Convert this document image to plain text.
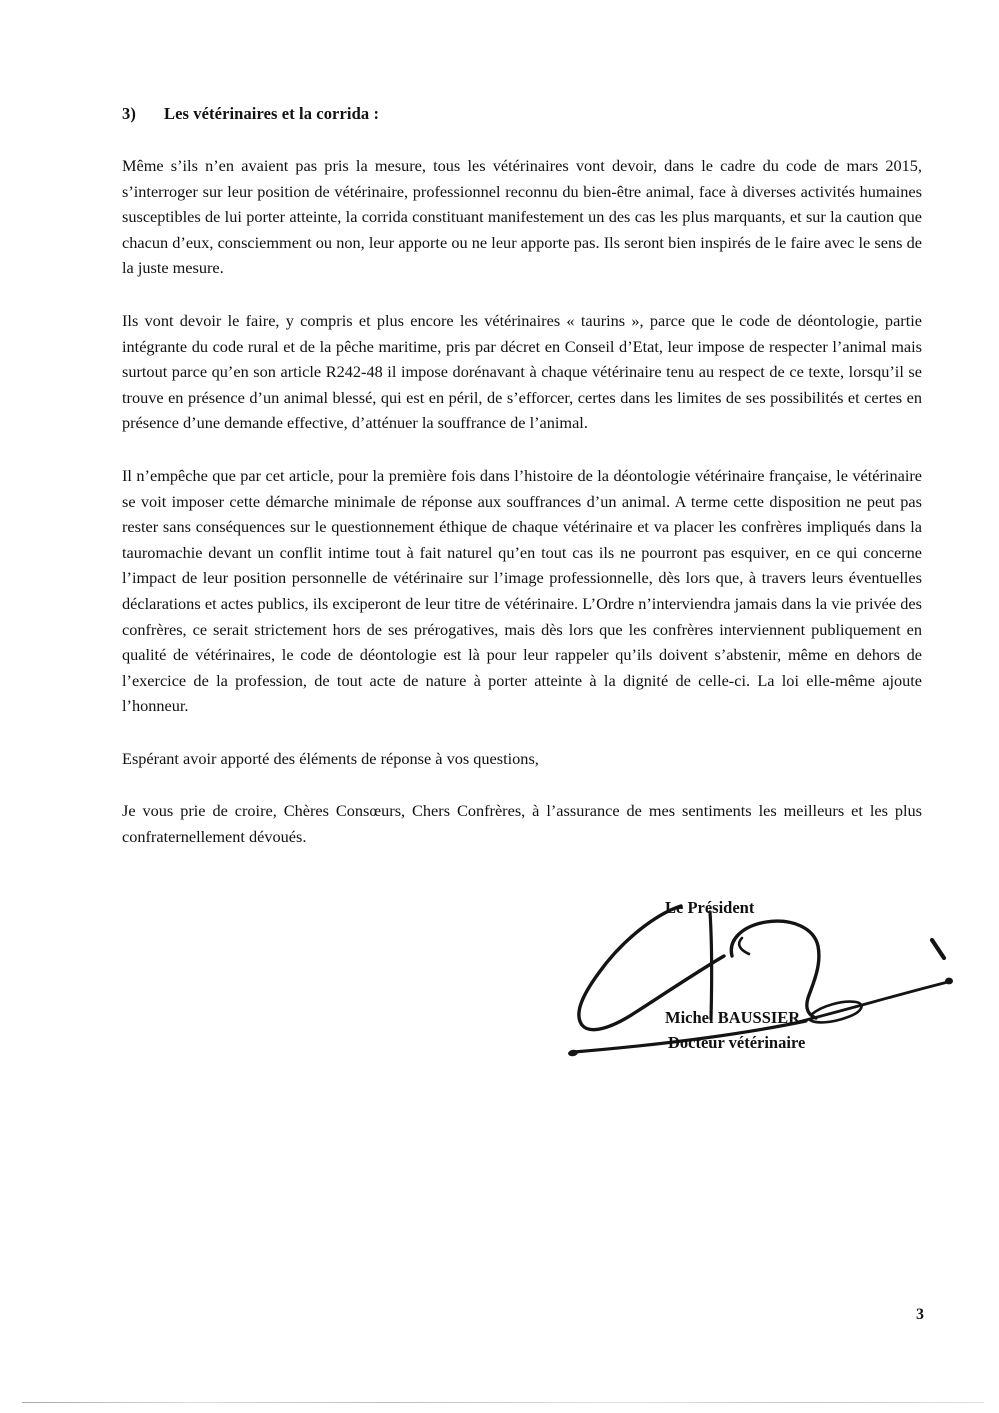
3) Les vétérinaires et la corrida :

Même s’ils n’en avaient pas pris la mesure, tous les vétérinaires vont devoir, dans le cadre du code de mars 2015, s’interroger sur leur position de vétérinaire, professionnel reconnu du bien-être animal, face à diverses activités humaines susceptibles de lui porter atteinte, la corrida constituant manifestement un des cas les plus marquants, et sur la caution que chacun d’eux, consciemment ou non, leur apporte ou ne leur apporte pas. Ils seront bien inspirés de le faire avec le sens de la juste mesure.

Ils vont devoir le faire, y compris et plus encore les vétérinaires « taurins », parce que le code de déontologie, partie intégrante du code rural et de la pêche maritime, pris par décret en Conseil d’Etat, leur impose de respecter l’animal mais surtout parce qu’en son article R242-48 il impose dorénavant à chaque vétérinaire tenu au respect de ce texte, lorsqu’il se trouve en présence d’un animal blessé, qui est en péril, de s’efforcer, certes dans les limites de ses possibilités et certes en présence d’une demande effective, d’atténuer la souffrance de l’animal.

Il n’empêche que par cet article, pour la première fois dans l’histoire de la déontologie vétérinaire française, le vétérinaire se voit imposer cette démarche minimale de réponse aux souffrances d’un animal. A terme cette disposition ne peut pas rester sans conséquences sur le questionnement éthique de chaque vétérinaire et va placer les confrères impliqués dans la tauromachie devant un conflit intime tout à fait naturel qu’en tout cas ils ne pourront pas esquiver, en ce qui concerne l’impact de leur position personnelle de vétérinaire sur l’image professionnelle, dès lors que, à travers leurs éventuelles déclarations et actes publics, ils exciperont de leur titre de vétérinaire. L’Ordre n’interviendra jamais dans la vie privée des confrères, ce serait strictement hors de ses prérogatives, mais dès lors que les confrères interviennent publiquement en qualité de vétérinaires, le code de déontologie est là pour leur rappeler qu’ils doivent s’abstenir, même en dehors de l’exercice de la profession, de tout acte de nature à porter atteinte à la dignité de celle-ci. La loi elle-même ajoute l’honneur.

Espérant avoir apporté des éléments de réponse à vos questions,

Je vous prie de croire, Chères Consœurs, Chers Confrères, à l’assurance de mes sentiments les meilleurs et les plus confraternellement dévoués.

Le Président
Michel BAUSSIER
Docteur vétérinaire
3
